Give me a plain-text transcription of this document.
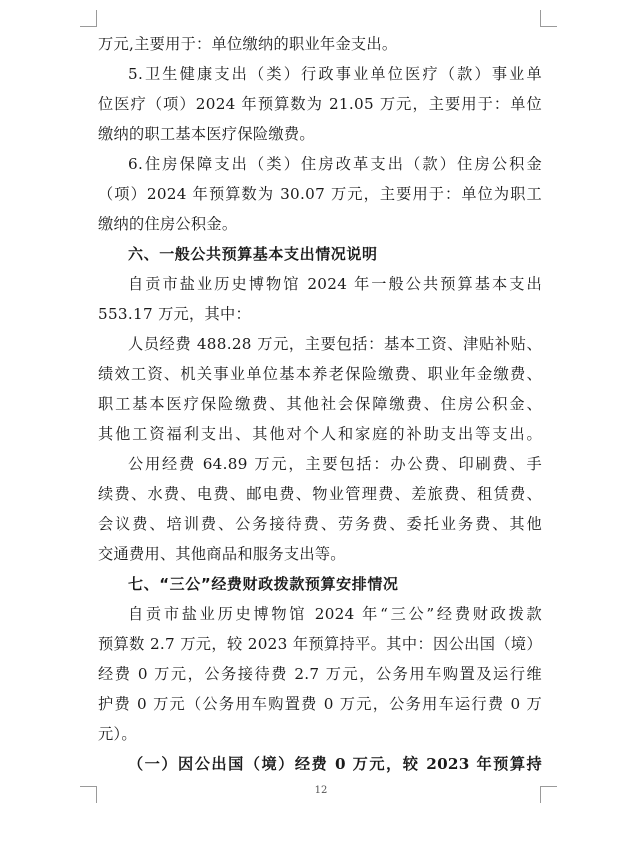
万元,主要用于：单位缴纳的职业年金支出。
5.卫生健康支出（类）行政事业单位医疗（款）事业单
位医疗（项）2024 年预算数为 21.05 万元，主要用于：单位
缴纳的职工基本医疗保险缴费。
6.住房保障支出（类）住房改革支出（款）住房公积金
（项）2024 年预算数为 30.07 万元，主要用于：单位为职工
缴纳的住房公积金。
六、一般公共预算基本支出情况说明
自贡市盐业历史博物馆 2024 年一般公共预算基本支出
553.17 万元，其中：
人员经费 488.28 万元，主要包括：基本工资、津贴补贴、
绩效工资、机关事业单位基本养老保险缴费、职业年金缴费、
职工基本医疗保险缴费、其他社会保障缴费、住房公积金、
其他工资福利支出、其他对个人和家庭的补助支出等支出。
公用经费 64.89 万元，主要包括：办公费、印刷费、手
续费、水费、电费、邮电费、物业管理费、差旅费、租赁费、
会议费、培训费、公务接待费、劳务费、委托业务费、其他
交通费用、其他商品和服务支出等。
七、“三公”经费财政拨款预算安排情况
自贡市盐业历史博物馆 2024 年“三公”经费财政拨款
预算数 2.7 万元，较 2023 年预算持平。其中：因公出国（境）
经费 0 万元，公务接待费 2.7 万元，公务用车购置及运行维
护费 0 万元（公务用车购置费 0 万元，公务用车运行费 0 万
元）。
（一）因公出国（境）经费 0 万元，较 2023 年预算持
12
